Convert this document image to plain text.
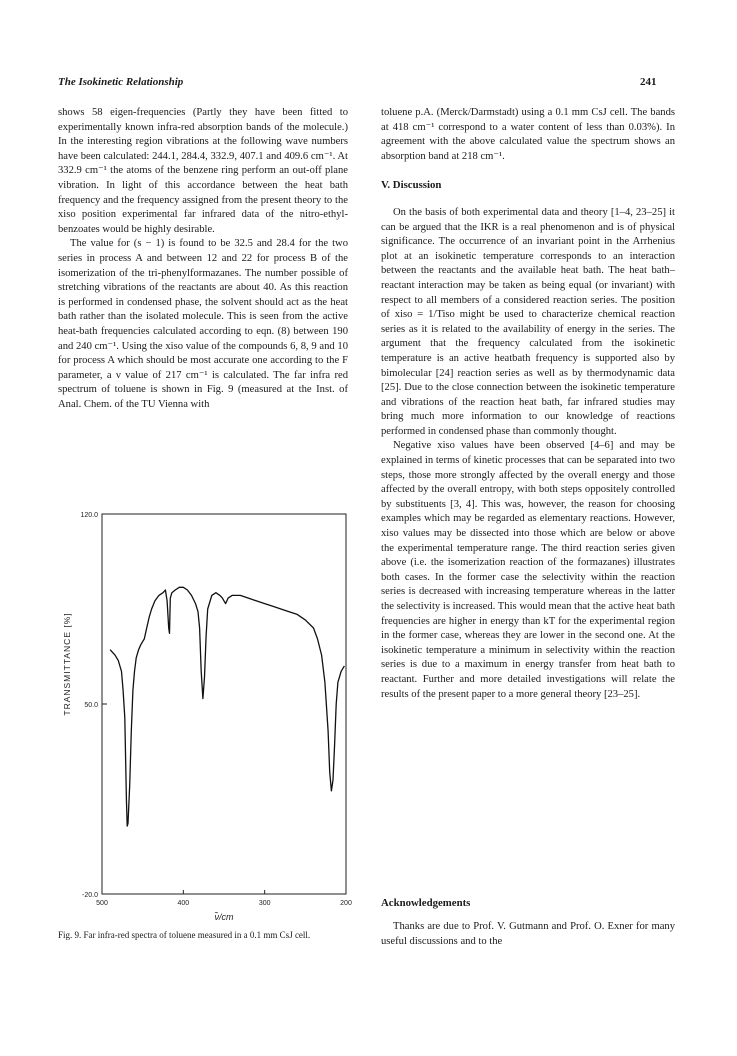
The Isokinetic Relationship	241

shows 58 eigen-frequencies (Partly they have been fitted to experimentally known infra-red absorption bands of the molecule.) In the interesting region vibrations at the following wave numbers have been calculated: 244.1, 284.4, 332.9, 407.1 and 409.6 cm⁻¹. At 332.9 cm⁻¹ the atoms of the benzene ring perform an out-off plane vibration. In light of this accordance between the heat bath frequency and the frequency assigned from the present theory to the xiso position experimental far infrared data of the nitro-ethyl-benzoates would be highly desirable.

The value for (s − 1) is found to be 32.5 and 28.4 for the two series in process A and between 12 and 22 for process B of the isomerization of the tri-phenylformazanes. The number possible of stretching vibrations of the reactants are about 40. As this reaction is performed in condensed phase, the solvent should act as the heat bath rather than the isolated molecule. This is seen from the active heat-bath frequencies calculated according to eqn. (8) between 190 and 240 cm⁻¹. Using the xiso value of the compounds 6, 8, 9 and 10 for process A which should be most accurate one according to the F parameter, a ν value of 217 cm⁻¹ is calculated. The far infra red spectrum of toluene is shown in Fig. 9 (measured at the Inst. of Anal. Chem. of the TU Vienna with

toluene p.A. (Merck/Darmstadt) using a 0.1 mm CsJ cell. The bands at 418 cm⁻¹ correspond to a water content of less than 0.03%). In agreement with the above calculated value the spectrum shows an absorption band at 218 cm⁻¹.

V. Discussion

On the basis of both experimental data and theory [1–4, 23–25] it can be argued that the IKR is a real phenomenon and is of physical significance. The occurrence of an invariant point in the Arrhenius plot at an isokinetic temperature corresponds to an interaction between the reactants and the available heat bath. The heat bath–reactant interaction may be taken as being equal (or invariant) with respect to all members of a considered reaction series. The position of xiso = 1/Tiso might be used to characterize chemical reaction series as it is related to the availability of energy in the series. The argument that the frequency calculated from the isokinetic temperature is an active heatbath frequency is supported also by bimolecular [24] reaction series as well as by thermodynamic data [25]. Due to the close connection between the isokinetic temperature and vibrations of the reaction heat bath, far infrared studies may bring much more information to our knowledge of reactions performed in condensed phase than commonly thought.

Negative xiso values have been observed [4–6] and may be explained in terms of kinetic processes that can be separated into two steps, those more strongly affected by the overall energy and those affected by the overall entropy, with both steps oppositely controlled by substituents [3, 4]. This was, however, the reason for choosing examples which may be regarded as elementary reactions. However, xiso values may be dissected into those which are below or above the experimental temperature range. The third reaction series given above (i.e. the isomerization reaction of the formazanes) illustrates both cases. In the former case the selectivity within the reaction series is decreased with increasing temperature whereas in the latter the selectivity is increased. This would mean that the active heat bath frequencies are higher in energy than kT for the experimental region in the former case, whereas they are lower in the second one. At the isokinetic temperature a minimum in selectivity within the reaction series is due to a maximum in energy transfer from heat bath to reactant. Further and more detailed investigations will relate the results of the present paper to a more general theory [23–25].

Acknowledgements
Thanks are due to Prof. V. Gutmann and Prof. O. Exner for many useful discussions and to the
120.0
50.0
-20.0
500	400	300	200
TRANSMITTANCE [%]
ν̃/cm
Fig. 9. Far infra-red spectra of toluene measured in a 0.1 mm CsJ cell.
